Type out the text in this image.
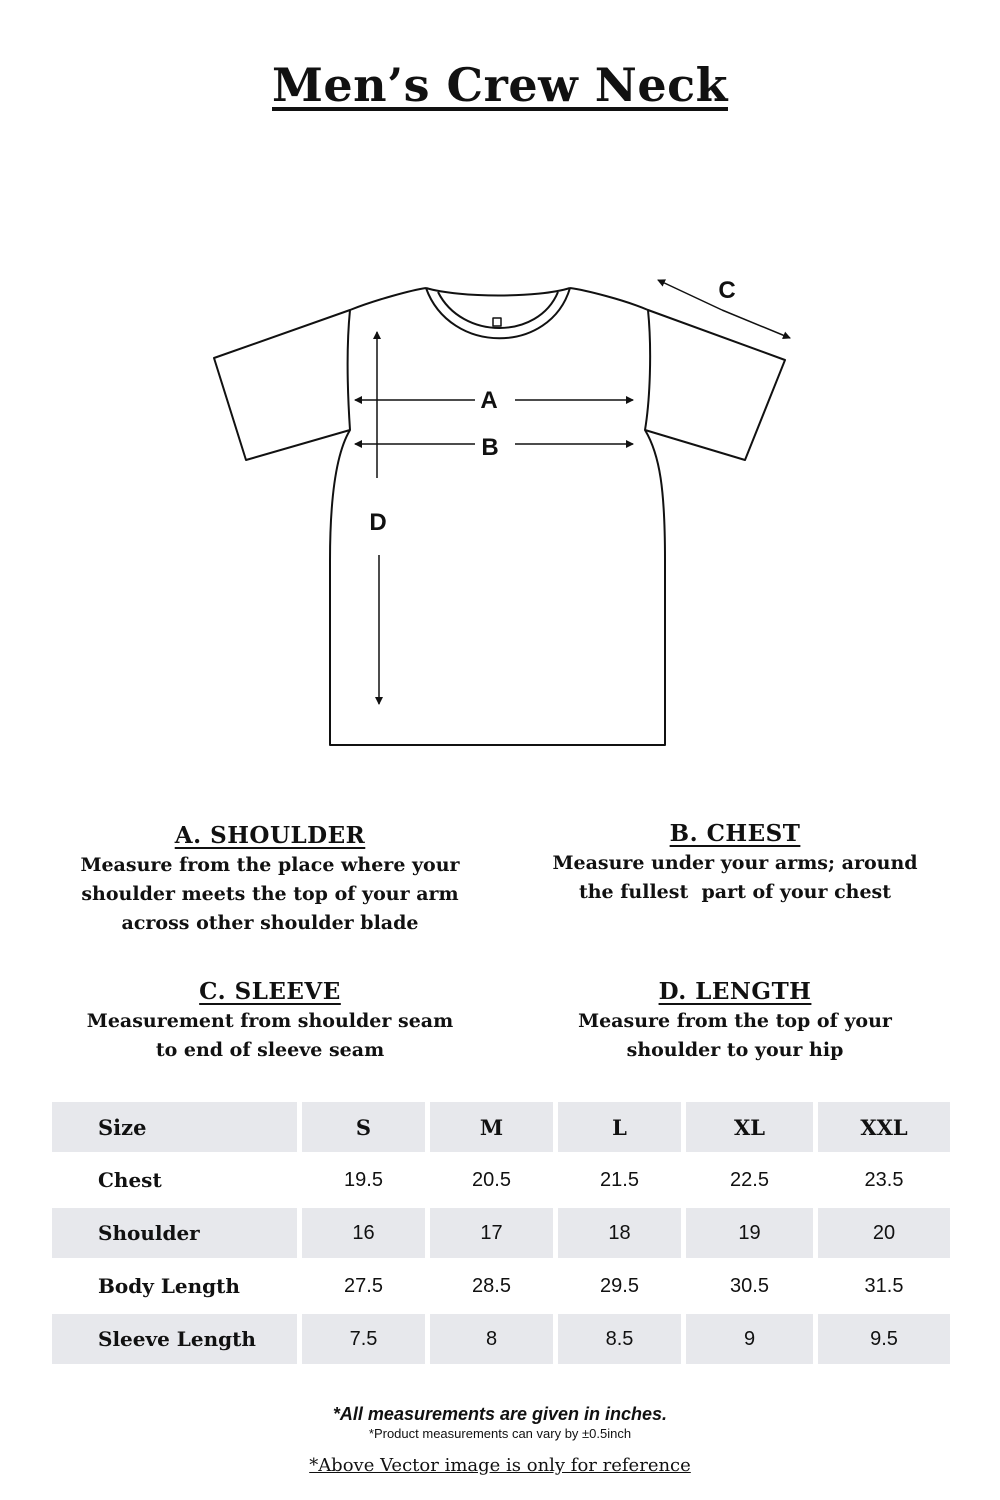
Men’s Crew Neck
A
B
C
D
A. SHOULDER
Measure from the place where your
shoulder meets the top of your arm
across other shoulder blade
B. CHEST
Measure under your arms; around
the fullest  part of your chest
C. SLEEVE
Measurement from shoulder seam
to end of sleeve seam
D. LENGTH
Measure from the top of your
shoulder to your hip
Size	S	M	L	XL	XXL
Chest	19.5	20.5	21.5	22.5	23.5
Shoulder	16	17	18	19	20
Body Length	27.5	28.5	29.5	30.5	31.5
Sleeve Length	7.5	8	8.5	9	9.5
*All measurements are given in inches.
*Product measurements can vary by ±0.5inch
*Above Vector image is only for reference
